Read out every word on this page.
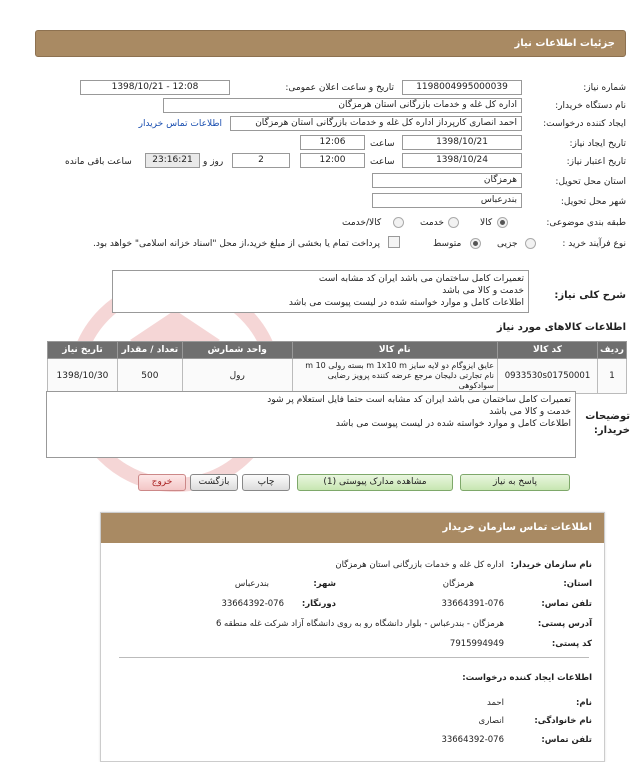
جزئیات اطلاعات نیاز
شماره نیاز:
1198004995000039
تاریخ و ساعت اعلان عمومی:
1398/10/21 - 12:08
نام دستگاه خریدار:
اداره کل غله و خدمات بازرگانی استان هرمزگان
ایجاد کننده درخواست:
احمد انصاری کارپرداز اداره کل غله و خدمات بازرگانی استان هرمزگان
اطلاعات تماس خریدار
تاریخ ایجاد نیاز:
1398/10/21
ساعت
12:06
تاریخ اعتبار نیاز:
1398/10/24
ساعت
12:00
2
روز و
23:16:21
ساعت باقی مانده
استان محل تحویل:
هرمزگان
شهر محل تحویل:
بندرعباس
طبقه بندی موضوعی:
کالا
خدمت
کالا/خدمت
نوع فرآیند خرید :
جزیی
متوسط
پرداخت تمام یا بخشی از مبلغ خرید،از محل "اسناد خزانه اسلامی" خواهد بود.
شرح کلی نیاز:
تعمیرات کامل ساختمان می باشد ایران کد مشابه است
خدمت و کالا می باشد
اطلاعات کامل و موارد خواسته شده در لیست پیوست می باشد
اطلاعات کالاهای مورد نیاز
تاریخ نیاز	تعداد / مقدار	واحد شمارش	نام کالا	کد کالا	ردیف
1398/10/30	500	رول	عایق ایزوگام دو لایه سایز m 1x10 m بسته رولی 10 m نام تجارتی دلیجان مرجع عرضه کننده پرویز رضایی سوادکوهی	0933530s01750001	1
توضیحات خریدار:
تعمیرات کامل ساختمان می باشد ایران کد مشابه است حتما فایل استعلام پر شود
خدمت و کالا می باشد
اطلاعات کامل و موارد خواسته شده در لیست پیوست می باشد
پاسخ به نیاز
مشاهده مدارک پیوستی (1)
چاپ
بازگشت
خروج
اطلاعات تماس سازمان خریدار
نام سازمان خریدار:
اداره کل غله و خدمات بازرگانی استان هرمزگان
استان:
هرمزگان
شهر:
بندرعباس
تلفن تماس:
33664391-076
دورنگار:
33664392-076
آدرس پستی:
هرمزگان - بندرعباس - بلوار دانشگاه رو به روی دانشگاه آزاد شرکت غله منطقه 6
کد پستی:
7915994949
اطلاعات ایجاد کننده درخواست:
نام:
احمد
نام خانوادگی:
انصاری
تلفن تماس:
33664392-076
